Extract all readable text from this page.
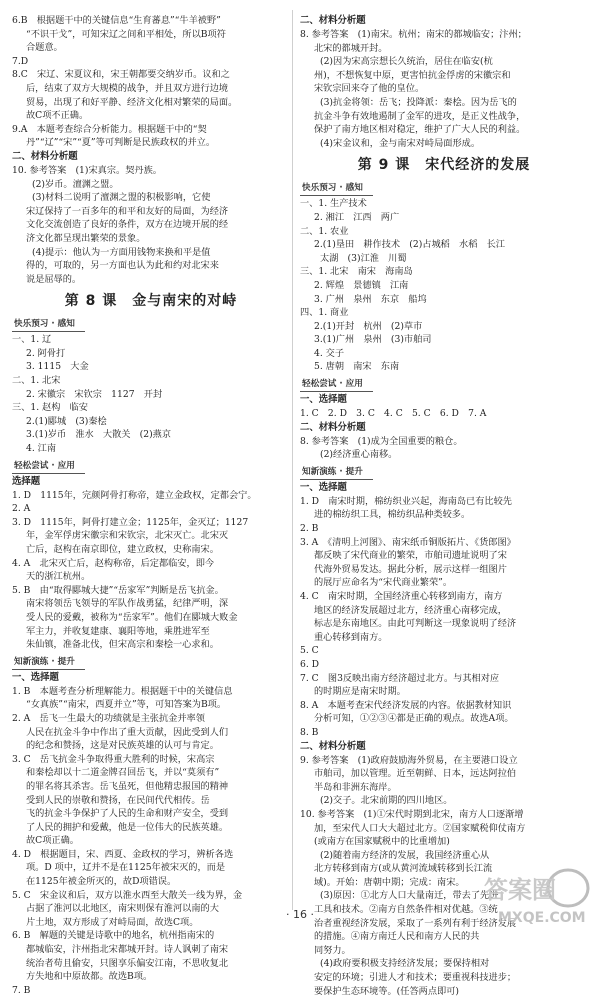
6.B　根据题干中的关键信息“生育蕃息”“牛羊被野”
“不识干戈”，可知宋辽之间和平相处，所以B项符
合题意。
7.D
8.C　宋辽、宋夏议和，宋王朝都要交纳岁币。议和之
后，结束了双方大规模的战争，并且双方进行边境
贸易，出现了和好平静、经济文化相对繁荣的局面。
故C项不正确。
9.A　本题考查综合分析能力。根据题干中的“契
丹”“辽”“宋”“夏”等可判断是民族政权的并立。
二、材料分析题
10. 参考答案　(1)宋真宗。契丹族。
(2)岁币。澶渊之盟。
(3)材料二说明了澶渊之盟的积极影响，它使
宋辽保持了一百多年的和平和友好的局面，为经济
文化交流创造了良好的条件，双方在边境开展的经
济文化都呈现出繁荣的景象。
(4)提示：他认为一方面用钱物来换和平是值
得的，可取的，另一方面也认为此和约对北宋来
说是屈辱的。
第 8 课　金与南宋的对峙
快乐预习 · 感知
一、1. 辽
2. 阿骨打
3. 1115　大金
二、1. 北宋
2. 宋徽宗　宋钦宗　1127　开封
三、1. 赵构　临安
2.(1)郾城　(3)秦桧
3.(1)岁币　淮水　大散关　(2)燕京
4. 江南
轻松尝试 · 应用
选择题
1. D　1115年，完颜阿骨打称帝，建立金政权，定都会宁。
2. A
3. D　1115年，阿骨打建立金；1125年，金灭辽；1127
年，金军俘虏宋徽宗和宋钦宗，北宋灭亡。北宋灭
亡后，赵构在南京即位，建立政权，史称南宋。
4. A　北宋灭亡后，赵构称帝，后定都临安，即今
天的浙江杭州。
5. B　由“取得郾城大捷”“岳家军”判断是岳飞抗金。
南宋将领岳飞领导的军队作战勇猛，纪律严明，深
受人民的爱戴，被称为“岳家军”。他们在郾城大败金
军主力，并收复建康、襄阳等地，乘胜进军至
朱仙镇，准备北伐，但宋高宗和秦桧一心求和。
知新演练 · 提升
一、选择题
1. B　本题考查分析理解能力。根据题干中的关键信息
“女真族”“南宋，西夏并立”等，可知答案为B项。
2. A　岳飞一生最大的功绩就是主张抗金并率领
人民在抗金斗争中作出了重大贡献，因此受到人们
的纪念和赞扬，这是对民族英雄的认可与肯定。
3. C　岳飞抗金斗争取得重大胜利的时候，宋高宗
和秦桧却以十二道金牌召回岳飞，并以“莫须有”
的罪名将其杀害。岳飞虽死，但他精忠报国的精神
受到人民的崇敬和赞扬，在民间代代相传。岳
飞的抗金斗争保护了人民的生命和财产安全，受到
了人民的拥护和爱戴，他是一位伟大的民族英雄。
故C项正确。
4. D　根据题目，宋、西夏、金政权的学习，辨析各选
项。D 项中，辽并不是在1125年被宋灭的，而是
在1125年被金所灭的，故D项错误。
5. C　宋金议和后，双方以淮水西至大散关一线为界，金
占据了淮河以北地区，南宋则保有淮河以南的大
片土地，双方形成了对峙局面，故选C项。
6. B　解题的关键是诗歌中的地名，杭州指南宋的
都城临安，汴州指北宋都城开封。诗人讽刺了南宋
统治者苟且偷安，只图享乐偏安江南，不思收复北
方失地和中原故都。故选B项。
7. B
二、材料分析题
8. 参考答案　(1)南宋。杭州；南宋的都城临安；汴州；
北宋的都城开封。
(2)因为宋高宗想长久统治，居住在临安(杭
州)，不想恢复中原，更害怕抗金俘虏的宋徽宗和
宋钦宗回来夺了他的皇位。
(3)抗金将领：岳飞；投降派：秦桧。因为岳飞的
抗金斗争有效地遏制了金军的进攻，是正义性战争，
保护了南方地区相对稳定，维护了广大人民的利益。
(4)宋金议和，金与南宋对峙局面形成。
第 9 课　宋代经济的发展
快乐预习 · 感知
一、1. 生产技术
2. 湘江　江西　两广
二、1. 农业
2.(1)垦田　耕作技术　(2)占城稻　水稻　长江
太湖　(3)江淮　川蜀
三、1. 北宋　南宋　海南岛
2. 辉煌　景德镇　江南
3. 广州　泉州　东京　船坞
四、1. 商业
2.(1)开封　杭州　(2)草市
3.(1)广州　泉州　(3)市舶司
4. 交子
5. 唐朝　南宋　东南
轻松尝试 · 应用
一、选择题
1. C　2. D　3. C　4. C　5. C　6. D　7. A
二、材料分析题
8. 参考答案　(1)成为全国重要的粮仓。
(2)经济重心南移。
知新演练 · 提升
一、选择题
1. D　南宋时期，棉纺织业兴起，海南岛已有比较先
进的棉纺织工具，棉纺织品种类较多。
2. B
3. A　《清明上河图》、南宋纸币铜版拓片、《货郎图》
都反映了宋代商业的繁荣，市舶司遗址说明了宋
代海外贸易发达。据此分析，展示这样一组图片
的展厅应命名为“宋代商业繁荣”。
4. C　南宋时期，全国经济重心转移到南方，南方
地区的经济发展超过北方，经济重心南移完成，
标志是东南地区。由此可判断这一现象说明了经济
重心转移到南方。
5. C
6. D
7. C　图3反映出南方经济超过北方。与其相对应
的时期应是南宋时期。
8. A　本题考查宋代经济发展的内容。依据教材知识
分析可知，①②③④都是正确的观点。故选A项。
8. B
二、材料分析题
9. 参考答案　(1)政府鼓励海外贸易，在主要港口设立
市舶司，加以管理。近至朝鲜、日本，远达阿拉伯
半岛和非洲东海岸。
(2)交子。北宋前期的四川地区。
10. 参考答案　(1)①宋代时期到北宋，南方人口逐渐增
加，至宋代人口大大超过北方。②国家赋税仰仗南方
(或南方在国家赋税中的比重增加)
(2)随着南方经济的发展，我国经济重心从
北方转移到南方(或从黄河流域转移到长江流
域)。开始：唐朝中期；完成：南宋。
(3)原因：①北方人口大量南迁，带去了先进
工具和技术。②南方自然条件相对优越。③统
治者重视经济发展，采取了一系列有利于经济发展
的措施。④南方南迁人民和南方人民的共
同努力。
(4)政府要积极支持经济发展；要保持相对
安定的环境；引进人才和技术；要重视科技进步；
要保护生态环境等。(任答两点即可)
· 16 ·
答案圈
MXQE.COM
